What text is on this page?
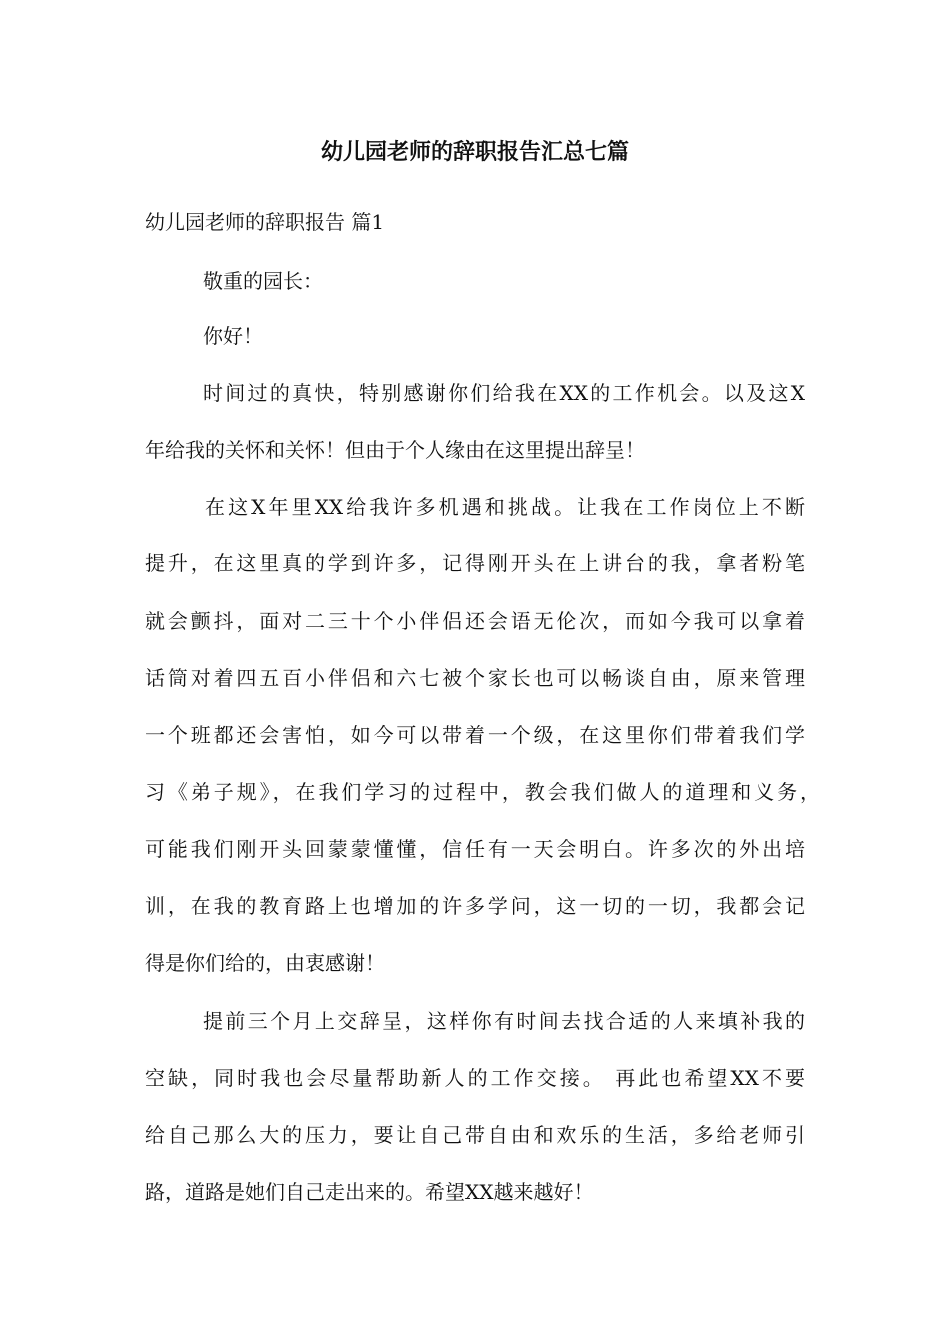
幼儿园老师的辞职报告汇总七篇
幼儿园老师的辞职报告 篇1
敬重的园长：
你好！
时间过的真快，特别感谢你们给我在XX的工作机会。以及这X
年给我的关怀和关怀！但由于个人缘由在这里提出辞呈！
在这X年里XX给我许多机遇和挑战。让我在工作岗位上不断
提升，在这里真的学到许多，记得刚开头在上讲台的我，拿者粉笔
就会颤抖，面对二三十个小伴侣还会语无伦次，而如今我可以拿着
话筒对着四五百小伴侣和六七被个家长也可以畅谈自由，原来管理
一个班都还会害怕，如今可以带着一个级，在这里你们带着我们学
习《弟子规》，在我们学习的过程中，教会我们做人的道理和义务，
可能我们刚开头回蒙蒙懂懂，信任有一天会明白。许多次的外出培
训，在我的教育路上也增加的许多学问，这一切的一切，我都会记
得是你们给的，由衷感谢！
提前三个月上交辞呈，这样你有时间去找合适的人来填补我的
空缺，同时我也会尽量帮助新人的工作交接。 再此也希望XX不要
给自己那么大的压力，要让自己带自由和欢乐的生活，多给老师引
路，道路是她们自己走出来的。希望XX越来越好！
